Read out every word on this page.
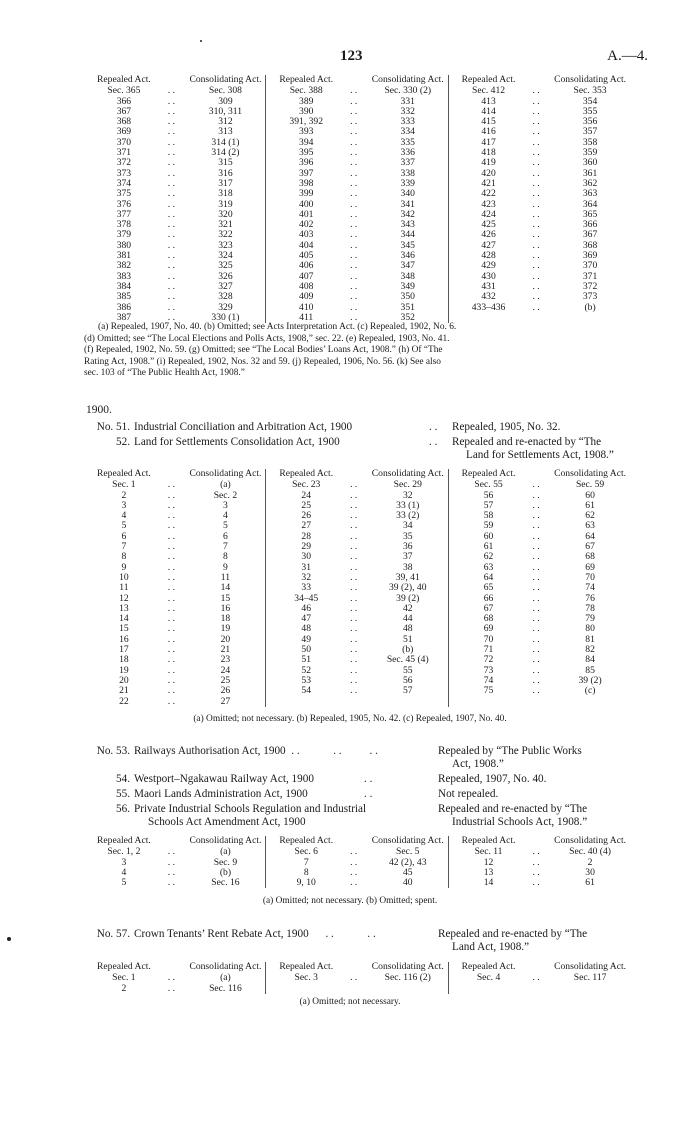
123	A.—4.
Repealed Act.	Consolidating Act.
Sec. 365	. .	Sec. 308
366	. .	309
367	. .	310, 311
368	. .	312
369	. .	313
370	. .	314 (1)
371	. .	314 (2)
372	. .	315
373	. .	316
374	. .	317
375	. .	318
376	. .	319
377	. .	320
378	. .	321
379	. .	322
380	. .	323
381	. .	324
382	. .	325
383	. .	326
384	. .	327
385	. .	328
386	. .	329
387	. .	330 (1)
Repealed Act.	Consolidating Act.
Sec. 388	. .	Sec. 330 (2)
389	. .	331
390	. .	332
391, 392	. .	333
393	. .	334
394	. .	335
395	. .	336
396	. .	337
397	. .	338
398	. .	339
399	. .	340
400	. .	341
401	. .	342
402	. .	343
403	. .	344
404	. .	345
405	. .	346
406	. .	347
407	. .	348
408	. .	349
409	. .	350
410	. .	351
411	. .	352
Repealed Act.	Consolidating Act.
Sec. 412	. .	Sec. 353
413	. .	354
414	. .	355
415	. .	356
416	. .	357
417	. .	358
418	. .	359
419	. .	360
420	. .	361
421	. .	362
422	. .	363
423	. .	364
424	. .	365
425	. .	366
426	. .	367
427	. .	368
428	. .	369
429	. .	370
430	. .	371
431	. .	372
432	. .	373
433–436	. .	(b)

(a) Repealed, 1907, No. 40. (b) Omitted; see Acts Interpretation Act. (c) Repealed, 1902, No. 6.

(d) Omitted; see “The Local Elections and Polls Acts, 1908,” sec. 22. (e) Repealed, 1903, No. 41.

(f) Repealed, 1902, No. 59. (g) Omitted; see “The Local Bodies’ Loans Act, 1908.” (h) Of “The

Rating Act, 1908.” (i) Repealed, 1902, Nos. 32 and 59. (j) Repealed, 1906, No. 56. (k) See also

sec. 103 of “The Public Health Act, 1908.”

1900.
No. 51. Industrial Conciliation and Arbitration Act, 1900	. .	Repealed, 1905, No. 32.
52. Land for Settlements Consolidation Act, 1900	. .	Repealed and re-enacted by “The
Land for Settlements Act, 1908.”
Repealed Act.	Consolidating Act.
Sec. 1	. .	(a)
2	. .	Sec. 2
3	. .	3
4	. .	4
5	. .	5
6	. .	6
7	. .	7
8	. .	8
9	. .	9
10	. .	11
11	. .	14
12	. .	15
13	. .	16
14	. .	18
15	. .	19
16	. .	20
17	. .	21
18	. .	23
19	. .	24
20	. .	25
21	. .	26
22	. .	27
Repealed Act.	Consolidating Act.
Sec. 23	. .	Sec. 29
24	. .	32
25	. .	33 (1)
26	. .	33 (2)
27	. .	34
28	. .	35
29	. .	36
30	. .	37
31	. .	38
32	. .	39, 41
33	. .	39 (2), 40
34–45	. .	39 (2)
46	. .	42
47	. .	44
48	. .	48
49	. .	51
50	. .	(b)
51	. .	Sec. 45 (4)
52	. .	55
53	. .	56
54	. .	57
Repealed Act.	Consolidating Act.
Sec. 55	. .	Sec. 59
56	. .	60
57	. .	61
58	. .	62
59	. .	63
60	. .	64
61	. .	67
62	. .	68
63	. .	69
64	. .	70
65	. .	74
66	. .	76
67	. .	78
68	. .	79
69	. .	80
70	. .	81
71	. .	82
72	. .	84
73	. .	85
74	. .	39 (2)
75	. .	(c)
(a) Omitted; not necessary. (b) Repealed, 1905, No. 42. (c) Repealed, 1907, No. 40.
No. 53. Railways Authorisation Act, 1900  . .            . .          . .	Repealed by “The Public Works
Act, 1908.”
54. Westport–Ngakawau Railway Act, 1900	. .	Repealed, 1907, No. 40.
55. Maori Lands Administration Act, 1900	. .	Not repealed.
56. Private Industrial Schools Regulation and Industrial
Schools Act Amendment Act, 1900
Repealed and re-enacted by “The
Industrial Schools Act, 1908.”
Repealed Act.	Consolidating Act.
Sec. 1, 2	. .	(a)
3	. .	Sec. 9
4	. .	(b)
5	. .	Sec. 16
Repealed Act.	Consolidating Act.
Sec. 6	. .	Sec. 5
7	. .	42 (2), 43
8	. .	45
9, 10	. .	40
Repealed Act.	Consolidating Act.
Sec. 11	. .	Sec. 40 (4)
12	. .	2
13	. .	30
14	. .	61
(a) Omitted; not necessary. (b) Omitted; spent.
No. 57. Crown Tenants’ Rent Rebate Act, 1900      . .            . .	Repealed and re-enacted by “The
Land Act, 1908.”
Repealed Act.	Consolidating Act.
Sec. 1	. .	(a)
2	. .	Sec. 116
Repealed Act.	Consolidating Act.
Sec. 3	. .	Sec. 116 (2)
Repealed Act.	Consolidating Act.
Sec. 4	. .	Sec. 117
(a) Omitted; not necessary.
